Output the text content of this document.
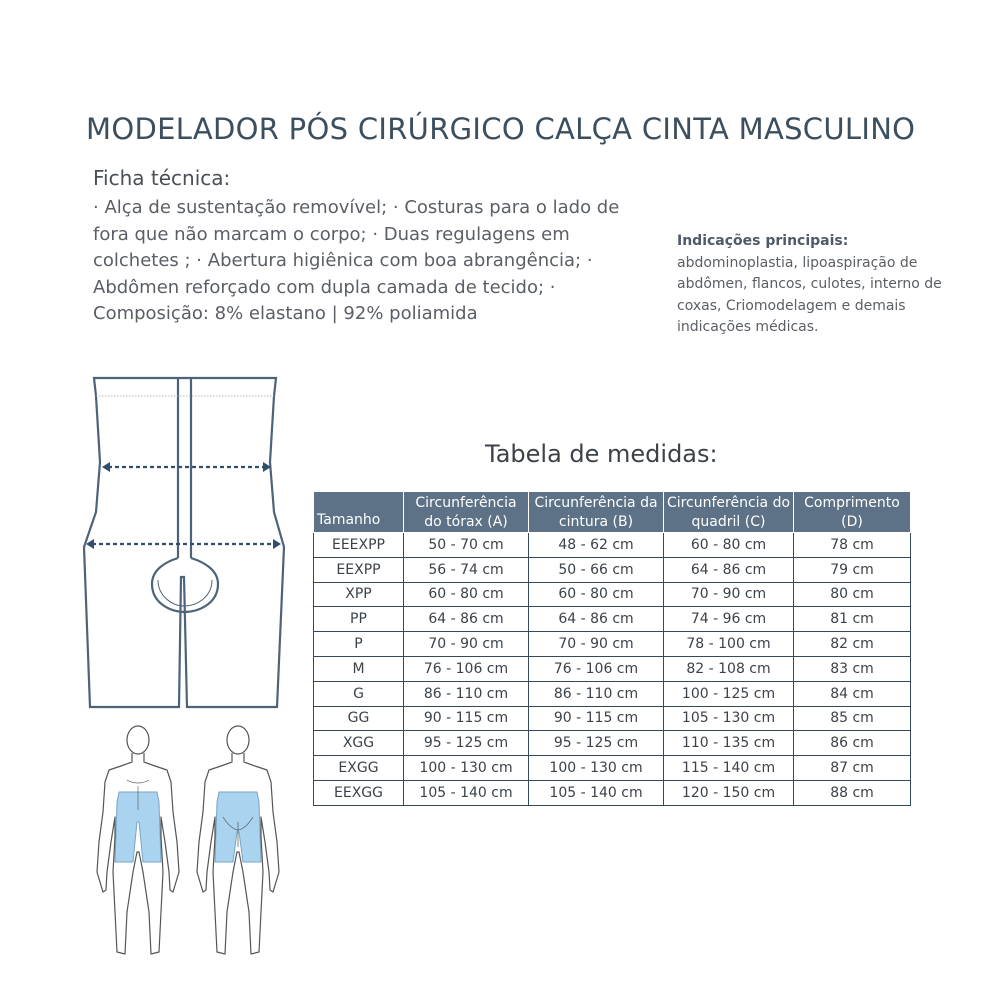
MODELADOR PÓS CIRÚRGICO CALÇA CINTA MASCULINO
Ficha técnica:
· Alça de sustentação removível; · Costuras para o lado de fora que não marcam o corpo; · Duas regulagens em colchetes ; · Abertura higiênica com boa abrangência; · Abdômen reforçado com dupla camada de tecido; · Composição: 8% elastano | 92% poliamida
Indicações principais:
abdominoplastia, lipoaspiração de abdômen, flancos, culotes, interno de coxas, Criomodelagem e demais indicações médicas.
Tabela de medidas:
Tamanho	Circunferência do tórax (A)	Circunferência da cintura (B)	Circunferência do quadril (C)	Comprimento (D)
EEEXPP	50 - 70 cm	48 - 62 cm	60 - 80 cm	78 cm
EEXPP	56 - 74 cm	50 - 66 cm	64 - 86 cm	79 cm
XPP	60 - 80 cm	60 - 80 cm	70 - 90 cm	80 cm
PP	64 - 86 cm	64 - 86 cm	74 - 96 cm	81 cm
P	70 - 90 cm	70 - 90 cm	78 - 100 cm	82 cm
M	76 - 106 cm	76 - 106 cm	82 - 108 cm	83 cm
G	86 - 110 cm	86 - 110 cm	100 - 125 cm	84 cm
GG	90 - 115 cm	90 - 115 cm	105 - 130 cm	85 cm
XGG	95 - 125 cm	95 - 125 cm	110 - 135 cm	86 cm
EXGG	100 - 130 cm	100 - 130 cm	115 - 140 cm	87 cm
EEXGG	105 - 140 cm	105 - 140 cm	120 - 150 cm	88 cm
